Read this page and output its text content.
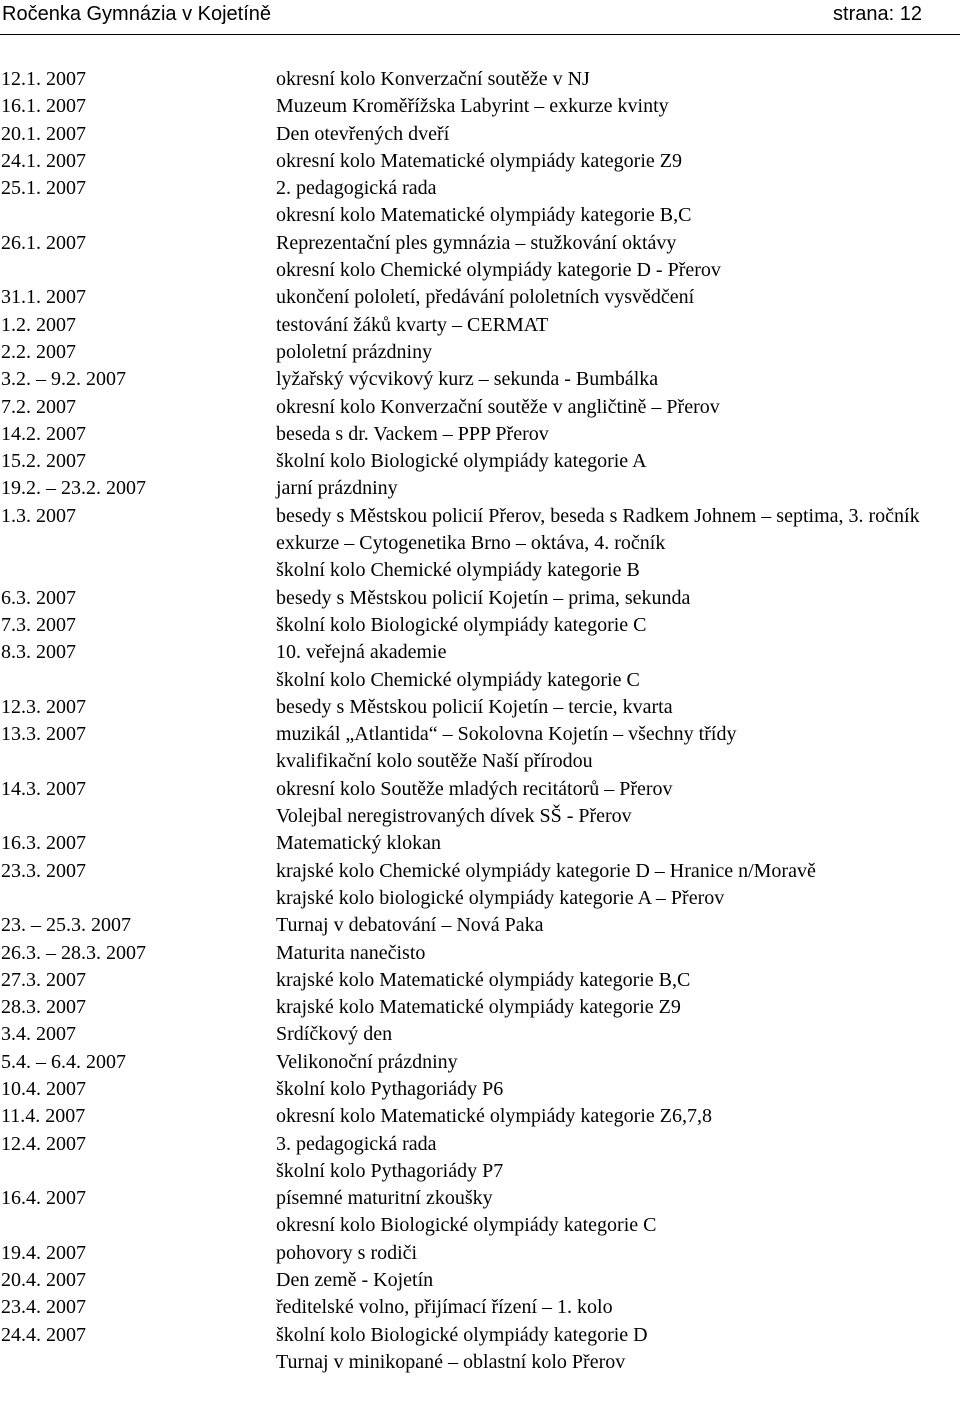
Ročenka Gymnázia v Kojetíně	strana: 12
12.1. 2007	okresní kolo Konverzační soutěže v NJ
16.1. 2007	Muzeum Kroměřížska Labyrint – exkurze kvinty
20.1. 2007	Den otevřených dveří
24.1. 2007	okresní kolo Matematické olympiády kategorie Z9
25.1. 2007	2. pedagogická rada
okresní kolo Matematické olympiády kategorie B,C
26.1. 2007	Reprezentační ples gymnázia – stužkování oktávy
okresní kolo Chemické olympiády kategorie D - Přerov
31.1. 2007	ukončení pololetí, předávání pololetních vysvědčení
1.2. 2007	testování žáků kvarty – CERMAT
2.2. 2007	pololetní prázdniny
3.2. – 9.2. 2007	lyžařský výcvikový kurz – sekunda - Bumbálka
7.2. 2007	okresní kolo Konverzační soutěže v angličtině – Přerov
14.2. 2007	beseda s dr. Vackem – PPP Přerov
15.2. 2007	školní kolo Biologické olympiády kategorie A
19.2. – 23.2. 2007	jarní prázdniny
1.3. 2007	besedy s Městskou policií Přerov, beseda s Radkem Johnem – septima, 3. ročník
exkurze – Cytogenetika Brno – oktáva, 4. ročník
školní kolo Chemické olympiády kategorie B
6.3. 2007	besedy s Městskou policií Kojetín – prima, sekunda
7.3. 2007	školní kolo Biologické olympiády kategorie C
8.3. 2007	10. veřejná akademie
školní kolo Chemické olympiády kategorie C
12.3. 2007	besedy s Městskou policií Kojetín – tercie, kvarta
13.3. 2007	muzikál „Atlantida“ – Sokolovna Kojetín – všechny třídy
kvalifikační kolo soutěže Naší přírodou
14.3. 2007	okresní kolo Soutěže mladých recitátorů – Přerov
Volejbal neregistrovaných dívek SŠ - Přerov
16.3. 2007	Matematický klokan
23.3. 2007	krajské kolo Chemické olympiády kategorie D – Hranice n/Moravě
krajské kolo biologické olympiády kategorie A – Přerov
23. – 25.3. 2007	Turnaj v debatování – Nová Paka
26.3. – 28.3. 2007	Maturita nanečisto
27.3. 2007	krajské kolo Matematické olympiády kategorie B,C
28.3. 2007	krajské kolo Matematické olympiády kategorie Z9
3.4. 2007	Srdíčkový den
5.4. – 6.4. 2007	Velikonoční prázdniny
10.4. 2007	školní kolo Pythagoriády P6
11.4. 2007	okresní kolo Matematické olympiády kategorie Z6,7,8
12.4. 2007	3. pedagogická rada
školní kolo Pythagoriády P7
16.4. 2007	písemné maturitní zkoušky
okresní kolo Biologické olympiády kategorie C
19.4. 2007	pohovory s rodiči
20.4. 2007	Den země - Kojetín
23.4. 2007	ředitelské volno, přijímací řízení – 1. kolo
24.4. 2007	školní kolo Biologické olympiády kategorie D
Turnaj v minikopané – oblastní kolo Přerov
